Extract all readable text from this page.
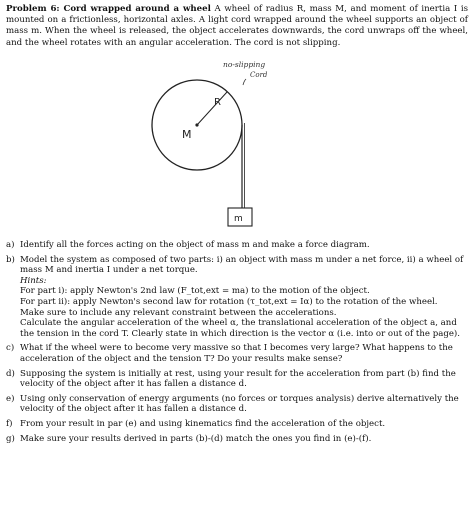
Problem 6: Cord wrapped around a wheel A wheel of radius R, mass M, and moment of inertia I is mounted on a frictionless, horizontal axles. A light cord wrapped around the wheel supports an object of mass m. When the wheel is released, the object accelerates downwards, the cord unwraps off the wheel, and the wheel rotates with an angular acceleration. The cord is not slipping.
R
M
m
no-slipping
Cord
a) Identify all the forces acting on the object of mass m and make a force diagram.

b) Model the system as composed of two parts: i) an object with mass m under a net force, ii) a wheel of mass M and inertia I under a net torque.

Hints:

For part i): apply Newton's 2nd law (F_tot,ext = ma) to the motion of the object.

For part ii): apply Newton's second law for rotation (τ_tot,ext = Iα) to the rotation of the wheel.

Make sure to include any relevant constraint between the accelerations.

Calculate the angular acceleration of the wheel α, the translational acceleration of the object a, and the tension in the cord T. Clearly state in which direction is the vector α (i.e. into or out of the page).

c) What if the wheel were to become very massive so that I becomes very large? What happens to the acceleration of the object and the tension T? Do your results make sense?

d) Supposing the system is initially at rest, using your result for the acceleration from part (b) find the velocity of the object after it has fallen a distance d.

e) Using only conservation of energy arguments (no forces or torques analysis) derive alternatively the velocity of the object after it has fallen a distance d.

f) From your result in par (e) and using kinematics find the acceleration of the object.

g) Make sure your results derived in parts (b)-(d) match the ones you find in (e)-(f).
